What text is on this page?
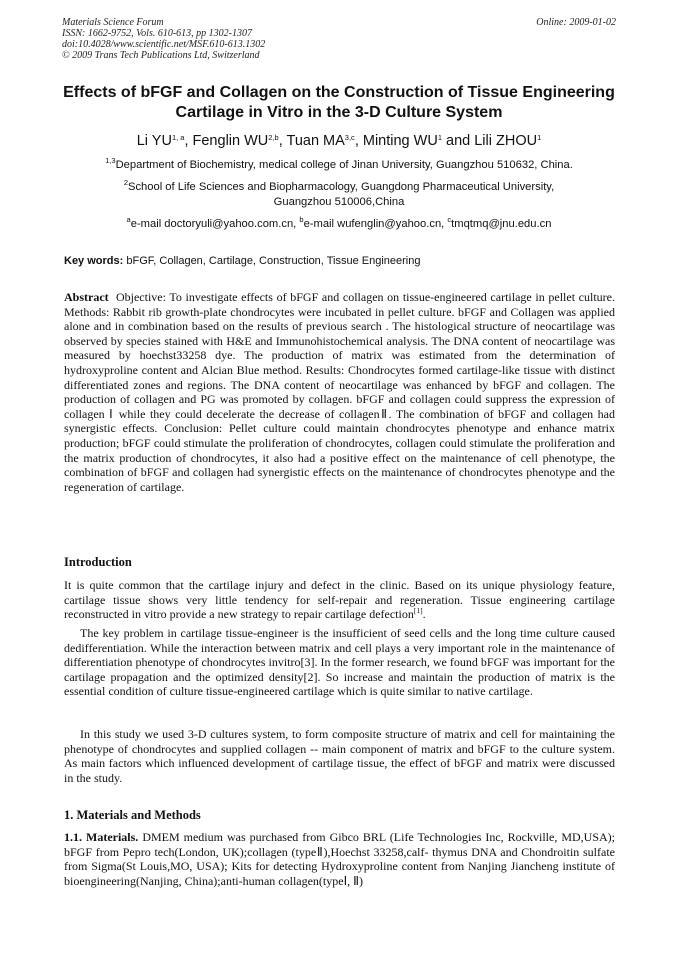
Materials Science Forum
ISSN: 1662-9752, Vols. 610-613, pp 1302-1307
doi:10.4028/www.scientific.net/MSF.610-613.1302
© 2009 Trans Tech Publications Ltd, Switzerland
Online: 2009-01-02
Effects of bFGF and Collagen on the Construction of Tissue Engineering Cartilage in Vitro in the 3-D Culture System
Li YU$^{1, a}$, Fenglin WU$^{2,b}$, Tuan MA$^{3,c}$, Minting $WU^1$ and Lili ZHOU$^1$
$^{1,3}$Department of Biochemistry, medical college of Jinan University, Guangzhou 510632, China.
$^2$School of Life Sciences and Biopharmacology, Guangdong Pharmaceutical University,
Guangzhou 510006,China
$^a$e-mail doctoryuli@yahoo.com.cn, $^b$e-mail wufenglin@yahoo.cn, $^c$tmqtmq@jnu.edu.cn
Key words: bFGF, Collagen, Cartilage, Construction, Tissue Engineering

Abstract Objective: To investigate effects of bFGF and collagen on tissue-engineered cartilage in pellet culture. Methods: Rabbit rib growth-plate chondrocytes were incubated in pellet culture. bFGF and Collagen was applied alone and in combination based on the results of previous search . The histological structure of neocartilage was observed by species stained with H&E and Immunohistochemical analysis. The DNA content of neocartilage was measured by hoechst33258 dye. The production of matrix was estimated from the determination of hydroxyproline content and Alcian Blue method. Results: Chondrocytes formed cartilage-like tissue with distinct differentiated zones and regions. The DNA content of neocartilage was enhanced by bFGF and collagen. The production of collagen and PG was promoted by collagen. bFGF and collagen could suppress the expression of collagen Ⅰ while they could decelerate the decrease of collagenⅡ. The combination of bFGF and collagen had synergistic effects. Conclusion: Pellet culture could maintain chondrocytes phenotype and enhance matrix production; bFGF could stimulate the proliferation of chondrocytes, collagen could stimulate the proliferation and the matrix production of chondrocytes, it also had a positive effect on the maintenance of cell phenotype, the combination of bFGF and collagen had synergistic effects on the maintenance of chondrocytes phenotype and the regeneration of cartilage.

Introduction

It is quite common that the cartilage injury and defect in the clinic. Based on its unique physiology feature, cartilage tissue shows very little tendency for self-repair and regeneration. Tissue engineering cartilage reconstructed in vitro provide a new strategy to repair cartilage defection[1].

The key problem in cartilage tissue-engineer is the insufficient of seed cells and the long time culture caused dedifferentiation. While the interaction between matrix and cell plays a very important role in the maintenance of differentiation phenotype of chondrocytes invitro[3]. In the former research, we found bFGF was important for the cartilage propagation and the optimized density[2]. So increase and maintain the production of matrix is the essential condition of culture tissue-engineered cartilage which is quite similar to native cartilage.

In this study we used 3-D cultures system, to form composite structure of matrix and cell for maintaining the phenotype of chondrocytes and supplied collagen -- main component of matrix and bFGF to the culture system. As main factors which influenced development of cartilage tissue, the effect of bFGF and matrix were discussed in the study.

1. Materials and Methods

1.1. Materials. DMEM medium was purchased from Gibco BRL (Life Technologies Inc, Rockville, MD,USA); bFGF from Pepro tech(London, UK);collagen (typeⅡ),Hoechst 33258,calf- thymus DNA and Chondroitin sulfate from Sigma(St Louis,MO, USA); Kits for detecting Hydroxyproline content from Nanjing Jiancheng institute of bioengineering(Nanjing, China);anti-human collagen(typeⅠ, Ⅱ)
